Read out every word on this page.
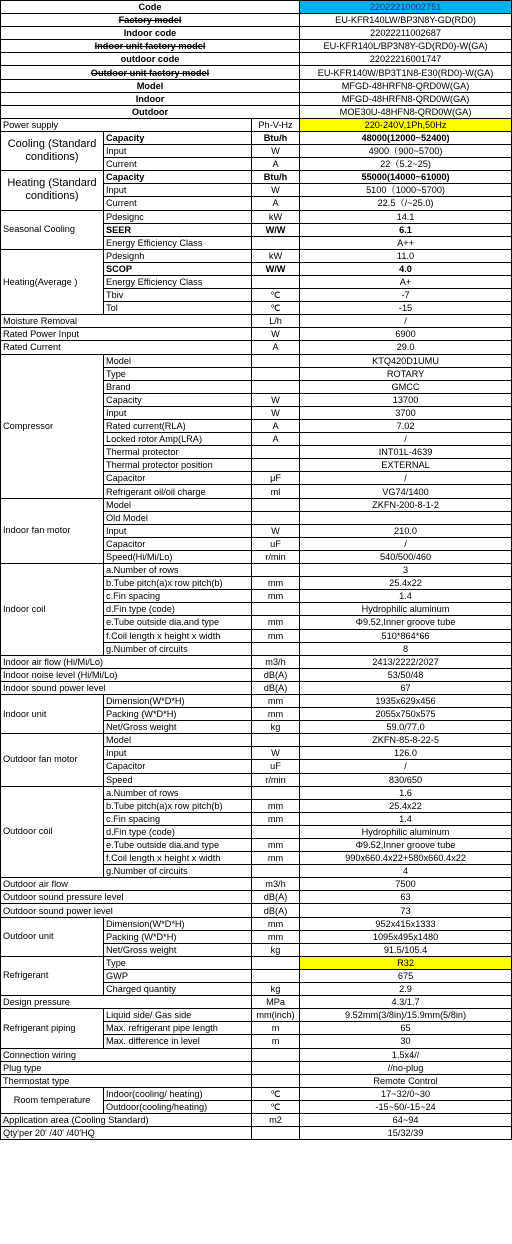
Code			22022210002751
Factory model			EU-KFR140LW/BP3N8Y-GD(RD0)
Indoor code			22022211002687
Indoor unit factory model			EU-KFR140L/BP3N8Y-GD(RD0)-W(GA)
outdoor code			22022216001747
Outdoor unit factory model			EU-KFR140W/BP3T1N8-E30(RD0)-W(GA)
Model			MFGD-48HRFN8-QRD0W(GA)
Indoor			MFGD-48HRFN8-QRD0W(GA)
Outdoor			MOE30U-48HFN8-QRD0W(GA)
Power supply		Ph-V-Hz	220-240V,1Ph,50Hz
Cooling (Standard conditions)	Capacity	Btu/h	48000(12000~52400)
	Input	W	4900（900~5700)
	Current	A	22（5.2~25)
Heating (Standard conditions)	Capacity	Btu/h	55000(14000~61000)
	Input	W	5100（1000~5700)
	Current	A	22.5（/~25.0)
Seasonal Cooling	Pdesignc	kW	14.1
	SEER	W/W	6.1
	Energy Efficiency Class		A++
Heating(Average )	Pdesignh	kW	11.0
	SCOP	W/W	4.0
	Energy Efficiency Class		A+
	Tbiv	℃	-7
	Tol	℃	-15
Moisture Removal		L/h	/
Rated Power Input		W	6900
Rated Current		A	29.0
Compressor	Model		KTQ420D1UMU
	Type		ROTARY
	Brand		GMCC
	Capacity	W	13700
	Input	W	3700
	Rated current(RLA)	A	7.02
	Locked rotor Amp(LRA)	A	/
	Thermal protector		INT01L-4639
	Thermal protector position		EXTERNAL
	Capacitor	μF	/
	Refrigerant oil/oil charge	ml	VG74/1400
Indoor fan motor	Model		ZKFN-200-8-1-2
	Old Model		
	Input	W	210.0
	Capacitor	uF	/
	Speed(Hi/Mi/Lo)	r/min	540/500/460
Indoor coil	a.Number of rows		3
	b.Tube pitch(a)x row pitch(b)	mm	25.4x22
	c.Fin spacing	mm	1.4
	d.Fin type (code)		Hydrophilic aluminum
	e.Tube outside dia.and type	mm	Φ9.52,Inner groove tube
	f.Coil length x height x width	mm	510*864*66
	g.Number of circuits		8
Indoor air flow (Hi/Mi/Lo)		m3/h	2413/2222/2027
Indoor noise level (Hi/Mi/Lo)		dB(A)	53/50/48
Indoor sound power level		dB(A)	67
Indoor unit	Dimension(W*D*H)	mm	1935x629x456
	Packing (W*D*H)	mm	2055x750x575
	Net/Gross weight	kg	59.0/77.0
Outdoor fan motor	Model		ZKFN-85-8-22-5
	Input	W	126.0
	Capacitor	uF	/
	Speed	r/min	830/650
Outdoor coil	a.Number of rows		1.6
	b.Tube pitch(a)x row pitch(b)	mm	25.4x22
	c.Fin spacing	mm	1.4
	d.Fin type (code)		Hydrophilic aluminum
	e.Tube outside dia.and type	mm	Φ9.52,Inner groove tube
	f.Coil length x height x width	mm	990x660.4x22+580x660.4x22
	g.Number of circuits		4
Outdoor air flow		m3/h	7500
Outdoor sound pressure level		dB(A)	63
Outdoor sound power level		dB(A)	73
Outdoor unit	Dimension(W*D*H)	mm	952x415x1333
	Packing (W*D*H)	mm	1095x495x1480
	Net/Gross weight	kg	91.5/105.4
Refrigerant	Type		R32
	GWP		675
	Charged quantity	kg	2.9
Design pressure		MPa	4.3/1.7
Refrigerant piping	Liquid side/ Gas side	mm(inch)	9.52mm(3/8in)/15.9mm(5/8in)
	Max. refrigerant pipe length	m	65
	Max. difference in level	m	30
Connection wiring			1.5x4//
Plug type			//no-plug
Thermostat type			Remote Control
Room temperature	Indoor(cooling/ heating)	℃	17~32/0~30
	Outdoor(cooling/heating)	℃	-15~50/-15~24
Application area (Cooling Standard)		m2	64~94
Qty'per 20' /40' /40'HQ			15/32/39
